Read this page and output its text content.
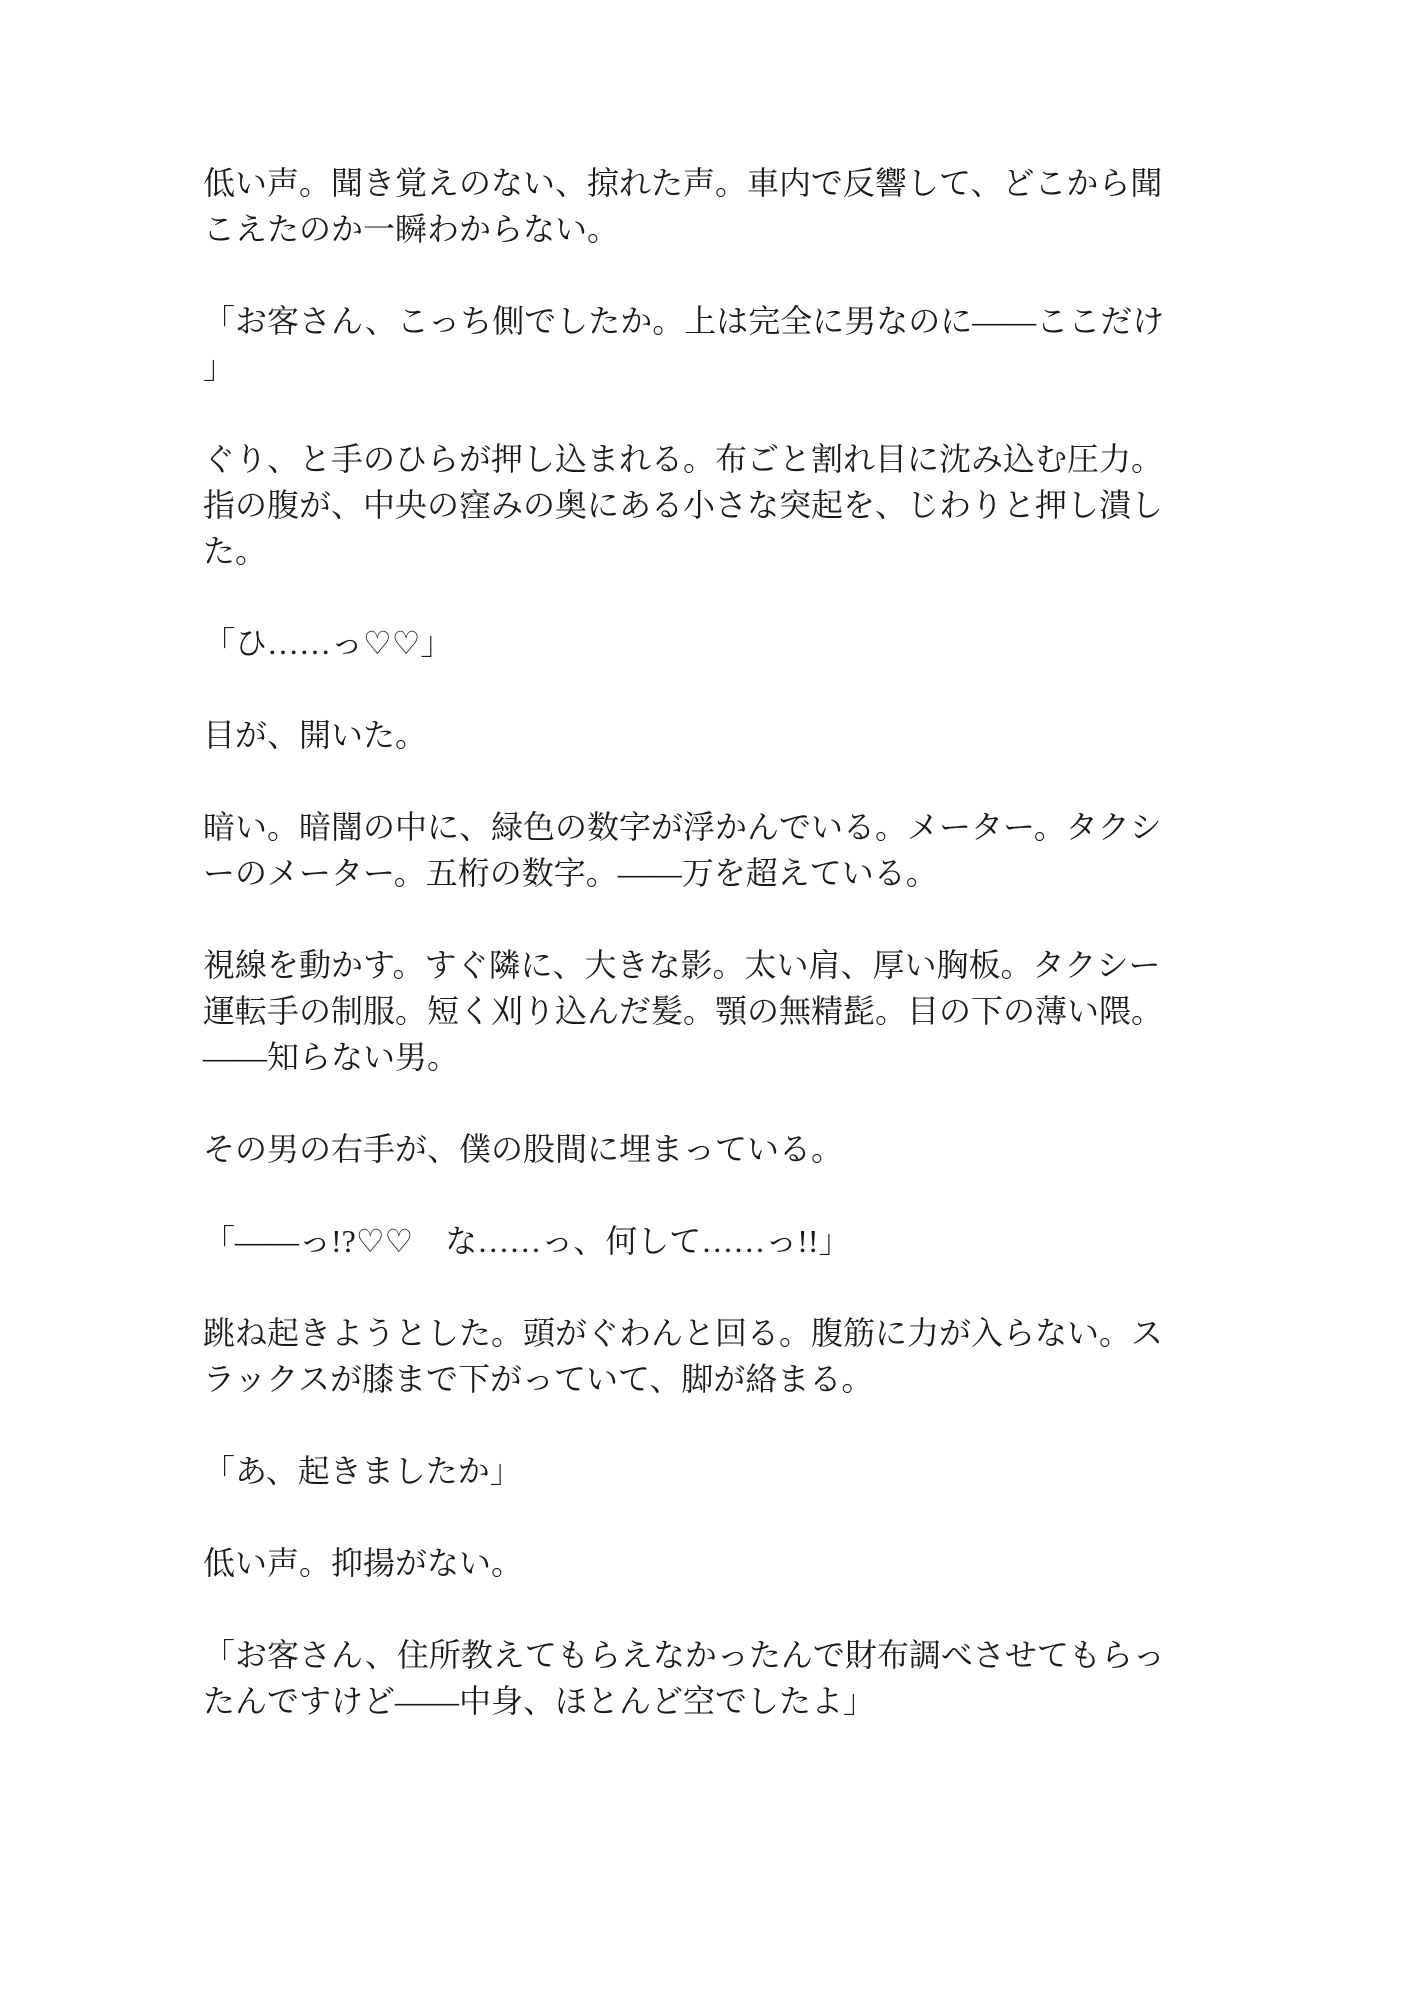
低い声。聞き覚えのない、掠れた声。車内で反響して、どこから聞
こえたのか一瞬わからない。

「お客さん、こっち側でしたか。上は完全に男なのに――ここだけ
」

ぐり、と手のひらが押し込まれる。布ごと割れ目に沈み込む圧力。
指の腹が、中央の窪みの奥にある小さな突起を、じわりと押し潰し
た。

「ひ……っ♡♡」

目が、開いた。

暗い。暗闇の中に、緑色の数字が浮かんでいる。メーター。タクシ
ーのメーター。五桁の数字。――万を超えている。

視線を動かす。すぐ隣に、大きな影。太い肩、厚い胸板。タクシー
運転手の制服。短く刈り込んだ髪。顎の無精髭。目の下の薄い隈。
――知らない男。

その男の右手が、僕の股間に埋まっている。

「――っ!?♡♡　な……っ、何して……っ!!」

跳ね起きようとした。頭がぐわんと回る。腹筋に力が入らない。ス
ラックスが膝まで下がっていて、脚が絡まる。

「あ、起きましたか」

低い声。抑揚がない。

「お客さん、住所教えてもらえなかったんで財布調べさせてもらっ
たんですけど――中身、ほとんど空でしたよ」
